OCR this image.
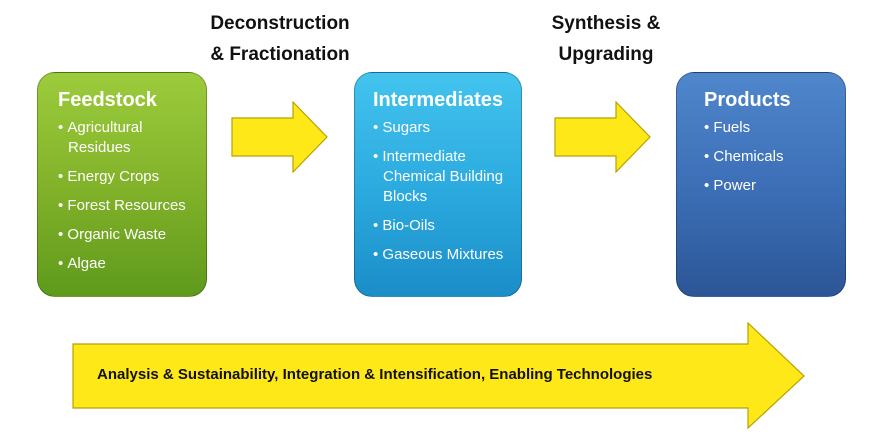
Deconstruction
& Fractionation
Synthesis &
Upgrading
Feedstock
• Agricultural Residues
• Energy Crops
• Forest Resources
• Organic Waste
• Algae
Intermediates
• Sugars
• Intermediate Chemical Building Blocks
• Bio-Oils
• Gaseous Mixtures
Products
• Fuels
• Chemicals
• Power
Analysis & Sustainability, Integration & Intensification, Enabling Technologies
